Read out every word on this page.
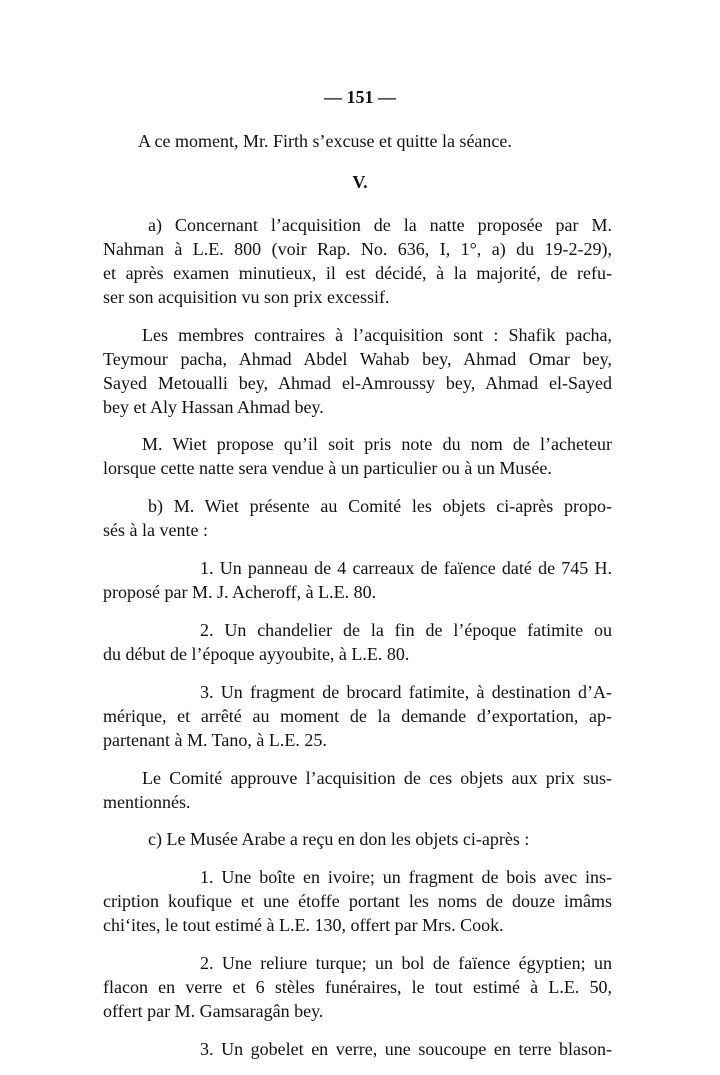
— 151 —
A ce moment, Mr. Firth s’excuse et quitte la séance.
V.
a) Concernant l’acquisition de la natte proposée par M.
Nahman à L.E. 800 (voir Rap. No. 636, I, 1°, a) du 19-2-29),
et après examen minutieux, il est décidé, à la majorité, de refu-
ser son acquisition vu son prix excessif.
Les membres contraires à l’acquisition sont : Shafik pacha,
Teymour pacha, Ahmad Abdel Wahab bey, Ahmad Omar bey,
Sayed Metoualli bey, Ahmad el-Amroussy bey, Ahmad el-Sayed
bey et Aly Hassan Ahmad bey.
M. Wiet propose qu’il soit pris note du nom de l’acheteur
lorsque cette natte sera vendue à un particulier ou à un Musée.
b) M. Wiet présente au Comité les objets ci-après propo-
sés à la vente :
1. Un panneau de 4 carreaux de faïence daté de 745 H.
proposé par M. J. Acheroff, à L.E. 80.
2. Un chandelier de la fin de l’époque fatimite ou
du début de l’époque ayyoubite, à L.E. 80.
3. Un fragment de brocard fatimite, à destination d’A-
mérique, et arrêté au moment de la demande d’exportation, ap-
partenant à M. Tano, à L.E. 25.
Le Comité approuve l’acquisition de ces objets aux prix sus-
mentionnés.
c) Le Musée Arabe a reçu en don les objets ci-après :
1. Une boîte en ivoire; un fragment de bois avec ins-
cription koufique et une étoffe portant les noms de douze imâms
chi‘ites, le tout estimé à L.E. 130, offert par Mrs. Cook.
2. Une reliure turque; un bol de faïence égyptien; un
flacon en verre et 6 stèles funéraires, le tout estimé à L.E. 50,
offert par M. Gamsaragân bey.
3. Un gobelet en verre, une soucoupe en terre blason-
